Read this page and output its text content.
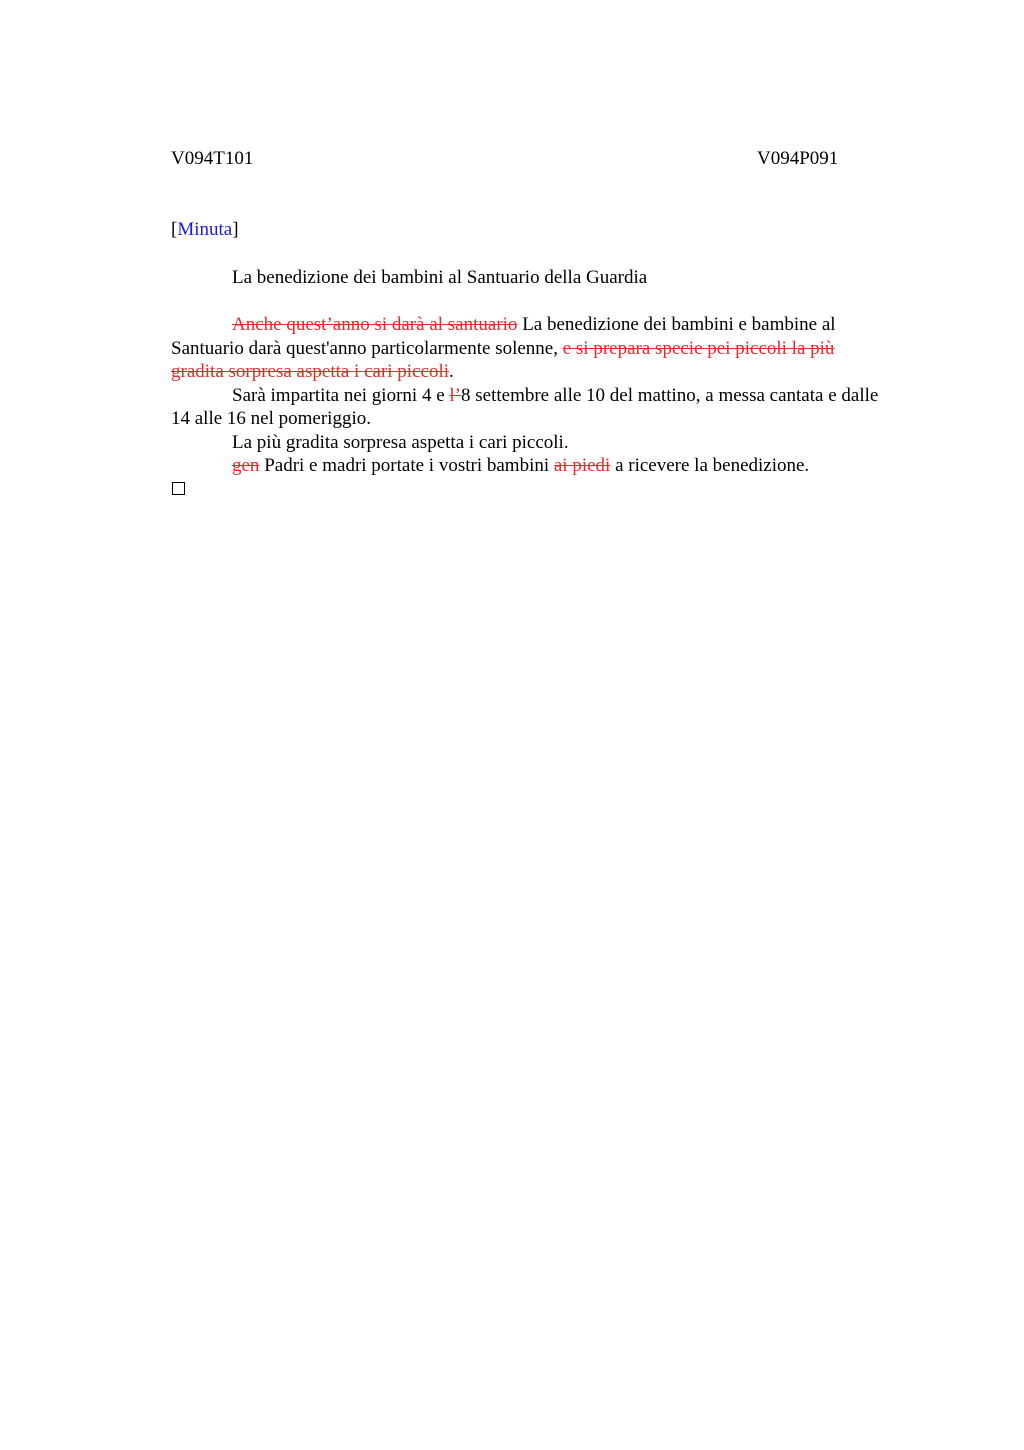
V094T101	V094P091
[Minuta]
La benedizione dei bambini al Santuario della Guardia

Anche quest’anno si darà al santuario La benedizione dei bambini e bambine al Santuario darà quest'anno particolarmente solenne, e si prepara specie pei piccoli la più gradita sorpresa aspetta i cari piccoli.

Sarà impartita nei giorni 4 e l’8 settembre alle 10 del mattino, a messa cantata e dalle 14 alle 16 nel pomeriggio.

La più gradita sorpresa aspetta i cari piccoli.

gen Padri e madri portate i vostri bambini ai piedi a ricevere la benedizione.
